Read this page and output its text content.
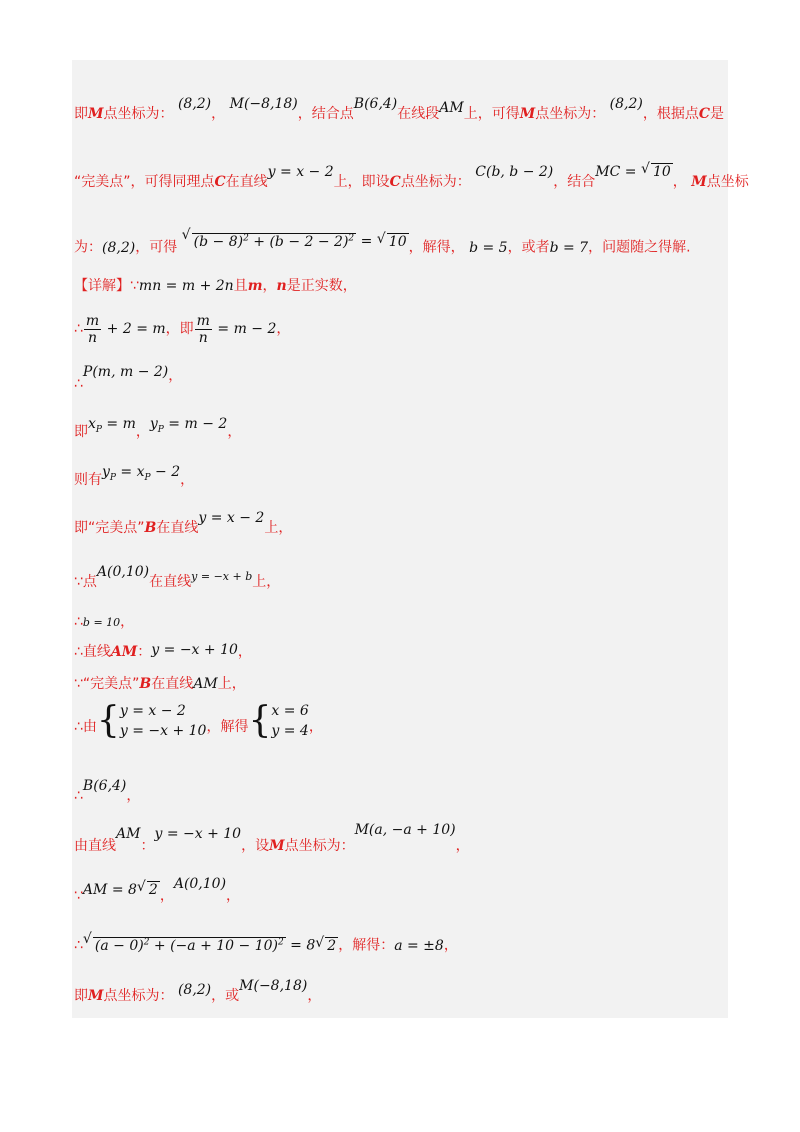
即M点坐标为： (8,2)， M(−8,18)，结合点B(6,4)在线段AM上，可得M点坐标为： (8,2)，根据点C是
“完美点”，可得同理点C在直线y = x − 2上，即设C点坐标为： C(b, b − 2)，结合MC = √ 10， M点坐标
为：(8,2)，可得
√ $(b - 8)^2 + (b - 2 - 2)^2$ = √ 10 ，解得， b = 5，或者b = 7，问题随之得解.
【详解】∵mn = m + 2n且m，n是正实数，
∴ $\frac{m}{n} + 2 = m$，即 $\frac{m}{n} = m - 2$，
∴P(m, m − 2)，
即$x_P = m$，$y_P = m - 2$，
则有$y_P = x_P - 2$，
即“完美点”B在直线y = x − 2上，
∵点A(0,10)在直线y = −x + b上，
∴b = 10，
∴直线AM：y = −x + 10，
∵“完美点”B在直线AM上，
∴由 { y = x − 2
y = −x + 10 ，解得 { x = 6
y = 4 ，
∴B(6,4)，
由直线AM：y = −x + 10，设M点坐标为：M(a, −a + 10)，
∵AM = 8 √ 2 ，A(0,10)，
∴ √ $(a - 0)^2 + (-a + 10 - 10)^2 = 8$ √ 2 ，解得：a = ±8，
即M点坐标为： (8,2)，或M(−8,18)，
